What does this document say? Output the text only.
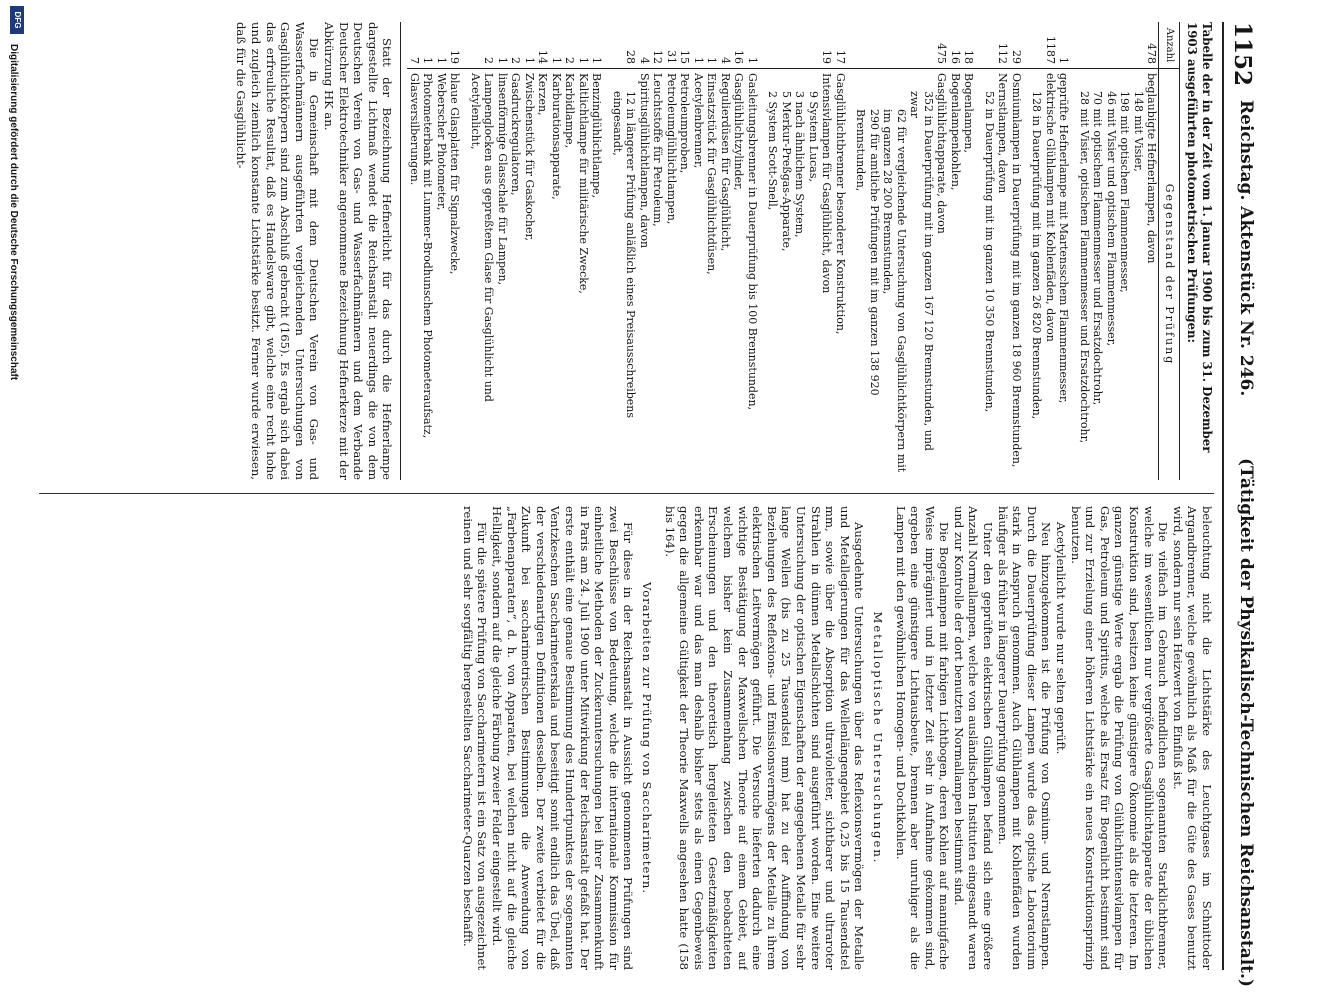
1152
Reichstag. Aktenstück Nr. 246.
(Tätigkeit der Physikalisch-Technischen Reichsanstalt.)

Tabelle der in der Zeit vom 1. Januar 1900 bis zum 31. Dezember 1903 ausgeführten photometrischen Prüfungen:

Anzahl	Gegenstand der Prüfung
478	beglaubigte Hefnerlampen, davon
	148 mit Visier,
	198 mit optischem Flammenmesser,
	46 mit Visier und optischem Flammenmesser,
	70 mit optischem Flammenmesser und Ersatzdochtrohr,
	28 mit Visier, optischem Flammenmesser und Ersatzdochtrohr,
1	geprüfte Hefnerlampe mit Martensschem Flammenmesser,
1187	elektrische Glühlampen mit Kohlenfäden, davon
	128 in Dauerprüfung mit im ganzen 26 820 Brennstunden,
29	Osmiumlampen in Dauerprüfung mit im ganzen 18 960 Brennstunden,
112	Nernstlampen, davon
	52 in Dauerprüfung mit im ganzen 10 350 Brennstunden,
18	Bogenlampen,
16	Bogenlampenkohlen,
475	Gasglühlichtapparate, davon
	352 in Dauerprüfung mit im ganzen 167 120 Brennstunden, und zwar
	62 für vergleichende Untersuchung von Gasglühlichtkörpern mit im ganzen 28 200 Brennstunden,
	290 für amtliche Prüfungen mit im ganzen 138 920 Brennstunden,
17	Gasglühlichtbrenner besonderer Konstruktion,
19	Intensivlampen für Gasglühlicht, davon
	9 System Lucas,
	3 nach ähnlichem System,
	5 Merkur-Preßgas-Apparate,
	2 System Scott-Snell,
1	Gasleitungsbrenner in Dauerprüfung bis 100 Brennstunden,
16	Gasglühlichtzylinder,
4	Regulierdüsen für Gasglühlicht,
1	Einsatzstück für Gasglühlichtdüsen,
1	Acetylenbrenner,
15	Petroleumproben,
31	Petroleumglühlichtlampen,
12	Leuchtstoffe für Petroleum,
4	Spiritusglühlichtlampen, davon
28	12 in längerer Prüfung anläßlich eines Preisausschreibens eingesandt,
1	Benzinglühlichtlampe,
1	Kaltlichtlampe für militärische Zwecke,
2	Karbidlampe,
1	Karburationsapparate,
14	Kerzen,
1	Zwischenstück für Gaskocher,
2	Gasdruckregulatoren,
1	linsenförmige Glasschale für Lampen,
2	Lampenglocken aus gepreßtem Glase für Gasglühlicht und Acetylenlicht,
19	blaue Glasplatten für Signalzwecke,
1	Weberscher Photometer,
1	Photometerbank mit Lummer-Brodhunschem Photometeraufsatz,
7	Glasversilberungen.

Statt der Bezeichnung Hefnerlicht für das durch die Hefnerlampe dargestellte Lichtmaß wendet die Reichsanstalt neuerdings die von dem Deutschen Verein von Gas- und Wasserfachmännern und dem Verbande Deutscher Elektrotechniker angenommene Bezeichnung Hefnerkerze mit der Abkürzung HK an.

Die in Gemeinschaft mit dem Deutschen Verein von Gas- und Wasserfachmännern ausgeführten vergleichenden Untersuchungen von Gasglühlichtkörpern sind zum Abschluß gebracht (165). Es ergab sich dabei das erfreuliche Resultat, daß es Handelsware gibt, welche eine recht hohe und zugleich ziemlich konstante Lichtstärke besitzt. Ferner wurde erwiesen, daß für die Gasglühlicht-

beleuchtung nicht die Lichtstärke des Leuchtgases im Schnittoder Argandbrenner, welche gewöhnlich als Maß für die Güte des Gases benutzt wird, sondern nur sein Heizwert von Einfluß ist.

Die vielfach im Gebrauch befindlichen sogenannten Starklichtbrenner, welche im wesentlichen nur vergrößerte Gasglühlichtapparate der üblichen Konstruktion sind, besitzen keine günstigere Ökonomie als die letzteren. Im ganzen günstige Werte ergab die Prüfung von Glühlichtintensivlampen für Gas, Petroleum und Spiritus, welche als Ersatz für Bogenlicht bestimmt sind und zur Erzielung einer höheren Lichtstärke ein neues Konstruktionsprinzip benutzen.

Acetylenlicht wurde nur selten geprüft.

Neu hinzugekommen ist die Prüfung von Osmium- und Nernstlampen. Durch die Dauerprüfung dieser Lampen wurde das optische Laboratorium stark in Anspruch genommen. Auch Glühlampen mit Kohlenfäden wurden häufiger als früher in längerer Dauerprüfung genommen.

Unter den geprüften elektrischen Glühlampen befand sich eine größere Anzahl Normallampen, welche von ausländischen Instituten eingesandt waren und zur Kontrolle der dort benutzten Normallampen bestimmt sind.

Die Bogenlampen mit farbigen Lichtbogen, deren Kohlen auf mannigfache Weise imprägniert und in letzter Zeit sehr in Aufnahme gekommen sind, ergeben eine günstigere Lichtausbeute, brennen aber unruhiger als die Lampen mit den gewöhnlichen Homogen- und Dochtkohlen.

Metalloptische Untersuchungen.

Ausgedehnte Untersuchungen über das Reflexionsvermögen der Metalle und Metallegierungen für das Wellenlängengebiet 0,25 bis 15 Tausendstel mm, sowie über die Absorption ultravioletter, sichtbarer und ultraroter Strahlen in dünnen Metallschichten sind ausgeführt worden. Eine weitere Untersuchung der optischen Eigenschaften der angegebenen Metalle für sehr lange Wellen (bis zu 25 Tausendstel mm) hat zu der Auffindung von Beziehungen des Reflexions- und Emissionsvermögens der Metalle zu ihrem elektrischen Leitvermögen geführt. Die Versuche lieferten dadurch eine wichtige Bestätigung der Maxwellschen Theorie auf einem Gebiet, auf welchem bisher kein Zusammenhang zwischen den beobachteten Erscheinungen und den theoretisch hergeleiteten Gesetzmäßigkeiten erkennbar war und das man deshalb bisher stets als einen Gegenbeweis gegen die allgemeine Gültigkeit der Theorie Maxwells angesehen hatte (158 bis 164).

Vorarbeiten zur Prüfung von Saccharimetern.

Für diese in der Reichsanstalt in Aussicht genommenen Prüfungen sind zwei Beschlüsse von Bedeutung, welche die internationale Kommission für einheitliche Methoden der Zuckeruntersuchungen bei ihrer Zusammenkunft in Paris am 24. Juli 1900 unter Mitwirkung der Reichsanstalt gefaßt hat. Der erste enthält eine genaue Bestimmung des Hundertpunktes der sogenannten Ventzkeschen Saccharimeterskala und beseitigt somit endlich das Übel, daß der verschiedenartigen Definitionen desselben. Der zweite verbietet für die Zukunft bei saccharimetrischen Bestimmungen die Anwendung von „Farbenapparaten“, d. h. von Apparaten, bei welchen nicht auf die gleiche Helligkeit, sondern auf die gleiche Färbung zweier Felder eingestellt wird.

Für die spätere Prüfung von Saccharimetern ist ein Satz von ausgezeichnet reinen und sehr sorgfältig hergestellten Saccharimeter-Quarzen beschafft.

DFG
Digitalisierung gefördert durch die Deutsche Forschungsgemeinschaft
